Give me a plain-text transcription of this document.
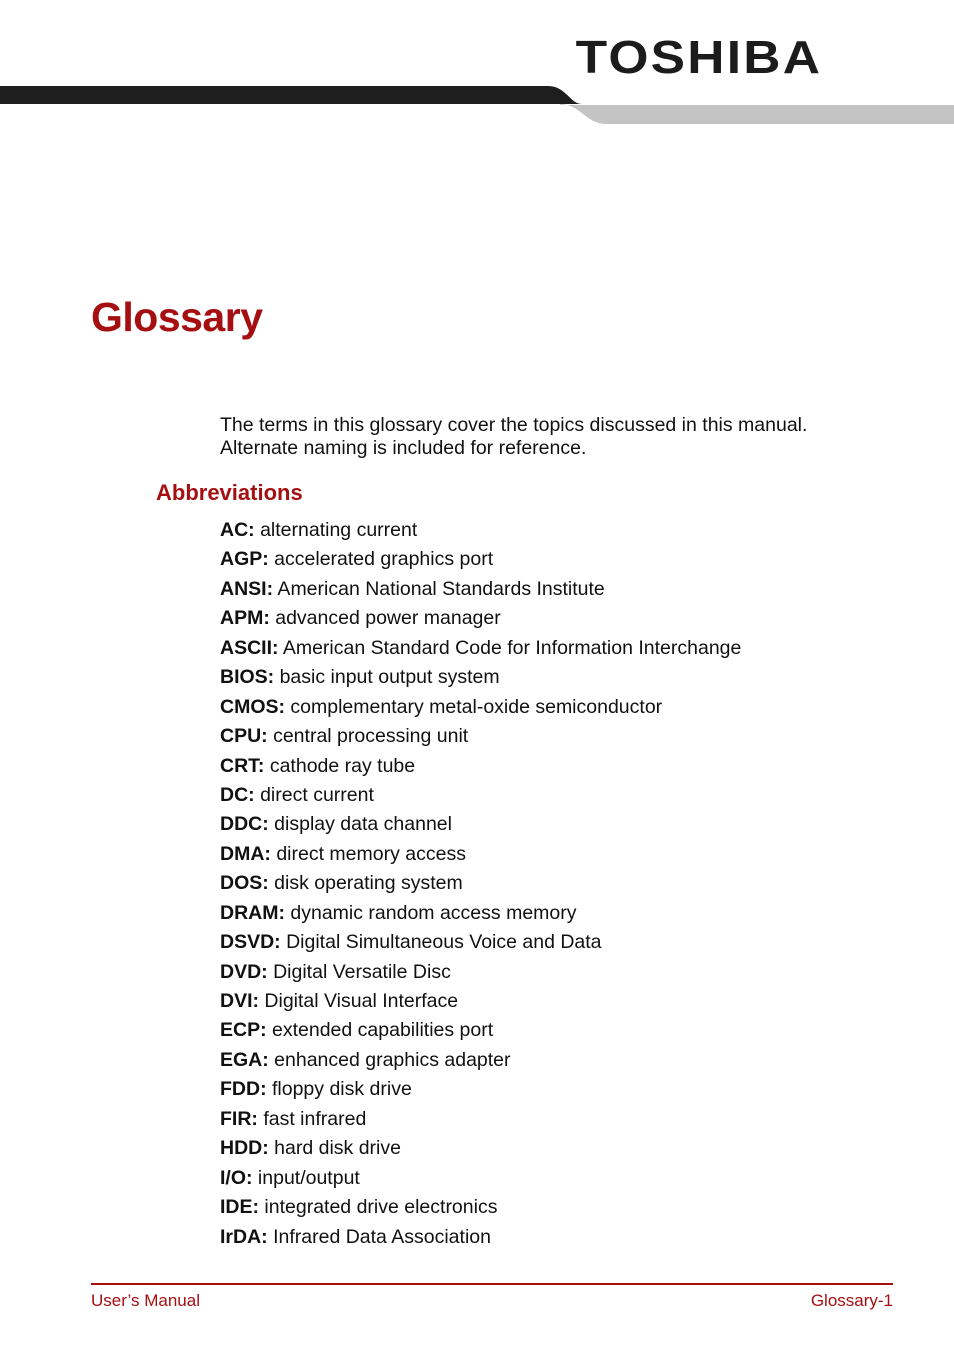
TOSHIBA
Glossary

The terms in this glossary cover the topics discussed in this manual.
Alternate naming is included for reference.

Abbreviations
AC: alternating current
AGP: accelerated graphics port
ANSI: American National Standards Institute
APM: advanced power manager
ASCII: American Standard Code for Information Interchange
BIOS: basic input output system
CMOS: complementary metal-oxide semiconductor
CPU: central processing unit
CRT: cathode ray tube
DC: direct current
DDC: display data channel
DMA: direct memory access
DOS: disk operating system
DRAM: dynamic random access memory
DSVD: Digital Simultaneous Voice and Data
DVD: Digital Versatile Disc
DVI: Digital Visual Interface
ECP: extended capabilities port
EGA: enhanced graphics adapter
FDD: floppy disk drive
FIR: fast infrared
HDD: hard disk drive
I/O: input/output
IDE: integrated drive electronics
IrDA: Infrared Data Association

User’s Manual	Glossary-1
